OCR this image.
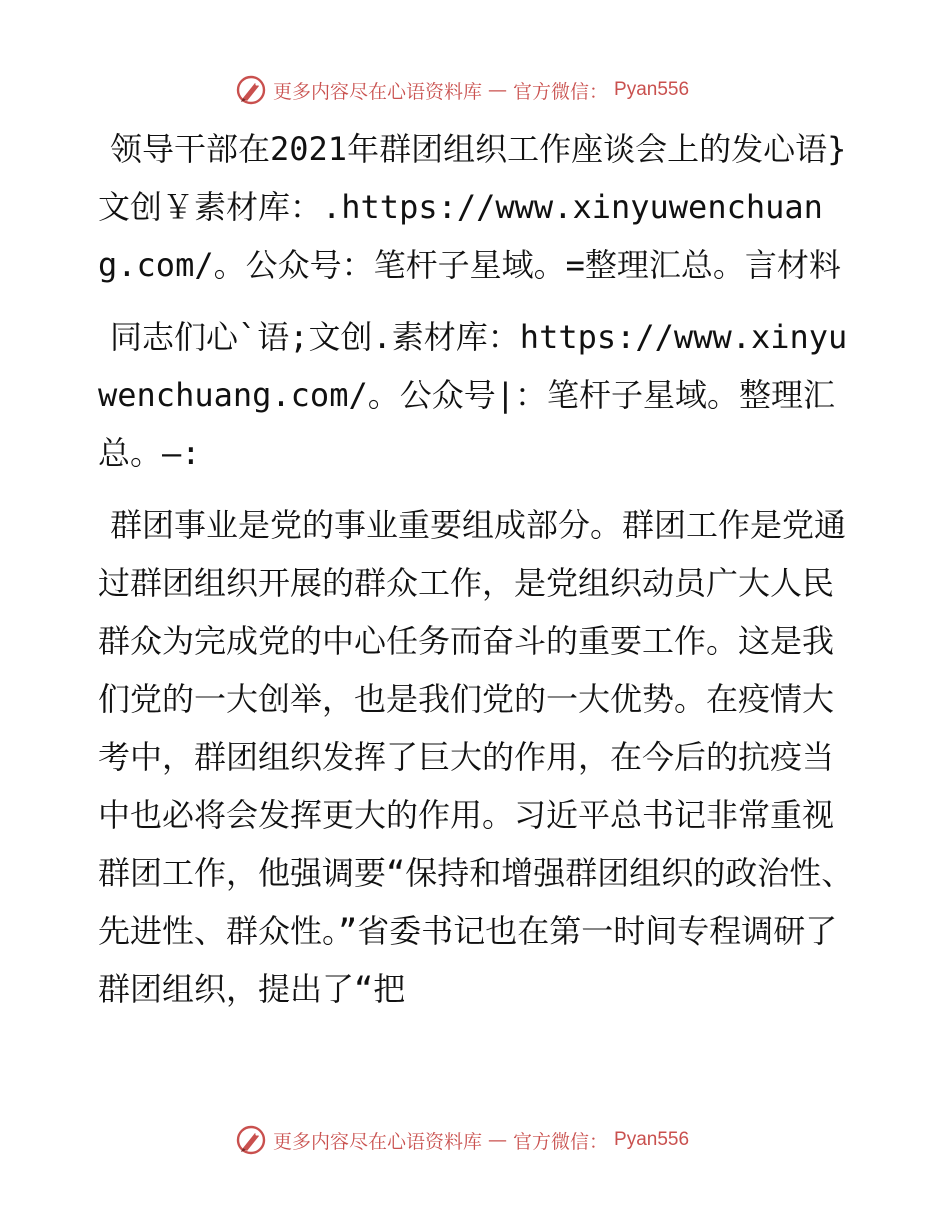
更多内容尽在心语资料库 — 官方微信： Pyan556

领导干部在2021年群团组织工作座谈会上的发心语}文创￥素材库：.https://www.xinyuwenchuang.com/。公众号：笔杆子星域。=整理汇总。言材料

同志们心`语;文创.素材库：https://www.xinyuwenchuang.com/。公众号|：笔杆子星域。整理汇总。—:

群团事业是党的事业重要组成部分。群团工作是党通过群团组织开展的群众工作，是党组织动员广大人民群众为完成党的中心任务而奋斗的重要工作。这是我们党的一大创举，也是我们党的一大优势。在疫情大考中，群团组织发挥了巨大的作用，在今后的抗疫当中也必将会发挥更大的作用。习近平总书记非常重视群团工作，他强调要“保持和增强群团组织的政治性、先进性、群众性。”省委书记也在第一时间专程调研了群团组织，提出了“把

更多内容尽在心语资料库 — 官方微信： Pyan556
